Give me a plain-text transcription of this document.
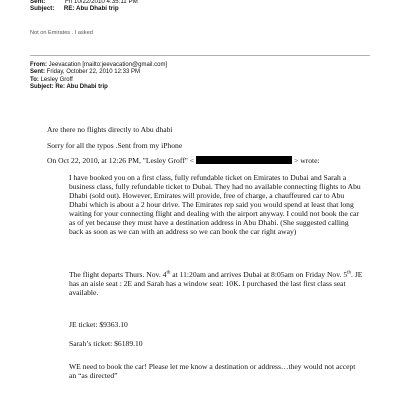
Sent:	Fri 10/22/2010 4:35:11 PM
Subject: RE: Abu Dhabi trip
Not on Emirates . I asked
From: Jeevacation [mailto:jeevacation@gmail.com]
Sent: Friday, October 22, 2010 12:33 PM
To: Lesley Groff
Subject: Re: Abu Dhabi trip
Are there no flights directly to Abu dhabi
Sorry for all the typos .Sent from my iPhone
On Oct 22, 2010, at 12:26 PM, "Lesley Groff" <	> wrote:
I have booked you on a first class, fully refundable ticket on Emirates to Dubai and Sarah a business class, fully refundable ticket to Dubai. They had no available connecting flights to Abu Dhabi (sold out). However, Emirates will provide, free of charge, a chauffeured car to Abu Dhabi which is about a 2 hour drive. The Emirates rep said you would spend at least that long waiting for your connecting flight and dealing with the airport anyway. I could not book the car as of yet because they must have a destination address in Abu Dhabi. (She suggested calling back as soon as we can with an address so we can book the car right away)
The flight departs Thurs. Nov. 4th at 11:20am and arrives Dubai at 8:05am on Friday Nov. 5th. JE has an aisle seat : 2E and Sarah has a window seat: 10K. I purchased the last first class seat available.
JE ticket: $9363.10
Sarah’s ticket: $6189.10
WE need to book the car! Please let me know a destination or address…they would not accept an “as directed”
